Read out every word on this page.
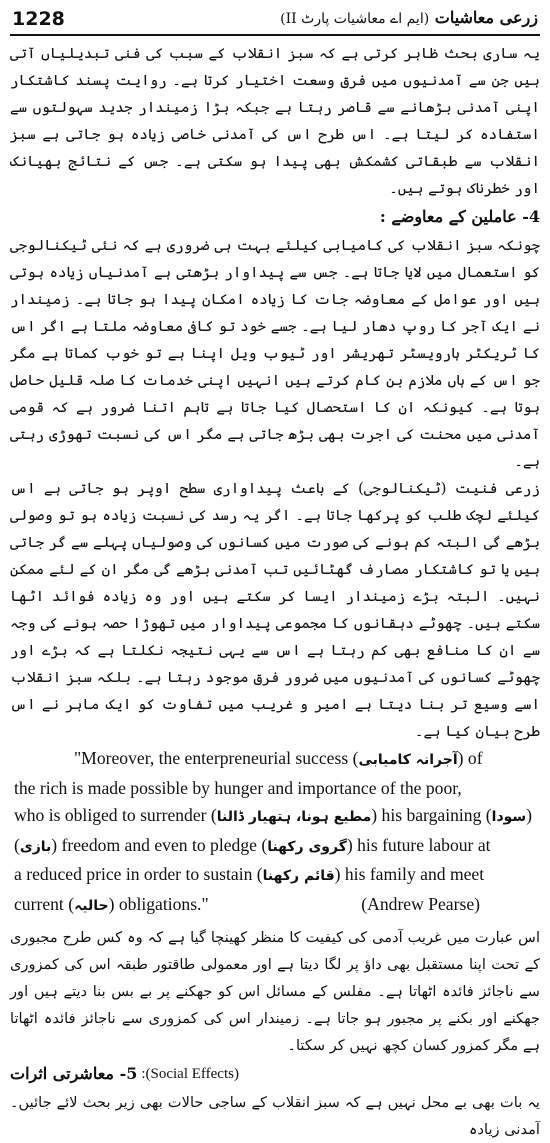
1228	زرعی معاشیات (ایم اے معاشیات پارٹ II)

یہ ساری بحث ظاہر کرتی ہے کہ سبز انقلاب کے سبب کی فنی تبدیلیاں آتی ہیں جن سے آمدنیوں میں فرق وسعت اختیار کرتا ہے۔ روایت پسند کاشتکار اپنی آمدنی بڑھانے سے قاصر رہتا ہے جبکہ بڑا زمیندار جدید سہولتوں سے استفادہ کر لیتا ہے۔ اس طرح اس کی آمدنی خاصی زیادہ ہو جاتی ہے سبز انقلاب سے طبقاتی کشمکش بھی پیدا ہو سکتی ہے۔ جس کے نتائج بھیانک اور خطرناک ہوتے ہیں۔

4- عاملین کے معاوضے :

چونکہ سبز انقلاب کی کامیابی کیلئے بہت ہی ضروری ہے کہ نئی ٹیکنالوجی کو استعمال میں لایا جاتا ہے۔ جس سے پیداوار بڑھتی ہے آمدنیاں زیادہ ہوتی ہیں اور عوامل کے معاوضہ جات کا زیادہ امکان پیدا ہو جاتا ہے۔ زمیندار نے ایک آجر کا روپ دھار لیا ہے۔ جسے خود تو کافی معاوضہ ملتا ہے اگر اس کا ٹریکٹر ہارویسٹر تھریشر اور ٹیوب ویل اپنا ہے تو خوب کماتا ہے مگر جو اس کے ہاں ملازم بن کام کرتے ہیں انہیں اپنی خدمات کا صلہ قلیل حاصل ہوتا ہے۔ کیونکہ ان کا استحصال کیا جاتا ہے تاہم اتنا ضرور ہے کہ قومی آمدنی میں محنت کی اجرت بھی بڑھ جاتی ہے مگر اس کی نسبت تھوڑی رہتی ہے۔

زرعی فنیت (ٹیکنالوجی) کے باعث پیداواری سطح اوپر ہو جاتی ہے اس کیلئے لچک طلب کو پرکھا جاتا ہے۔ اگر یہ رسد کی نسبت زیادہ ہو تو وصولی بڑھے گی البتہ کم ہونے کی صورت میں کسانوں کی وصولیاں پہلے سے گر جاتی ہیں یا تو کاشتکار مصارف گھٹائیں تب آمدنی بڑھے گی مگر ان کے لئے ممکن نہیں۔ البتہ بڑے زمیندار ایسا کر سکتے ہیں اور وہ زیادہ فوائد اٹھا سکتے ہیں۔ چھوٹے دہقانوں کا مجموعی پیداوار میں تھوڑا حصہ ہونے کی وجہ سے ان کا منافع بھی کم رہتا ہے اس سے یہی نتیجہ نکلتا ہے کہ بڑے اور چھوٹے کسانوں کی آمدنیوں میں ضرور فرق موجود رہتا ہے۔ بلکہ سبز انقلاب اسے وسیع تر بنا دیتا ہے امیر و غریب میں تفاوت کو ایک ماہر نے اس طرح بیان کیا ہے۔

"Moreover, the enterpreneurial success (آجرانہ کامیابی) of
the rich is made possible by hunger and importance of the poor,
who is obliged to surrender (مطیع ہونا، ہتھیار ڈالنا) his bargaining (سودا)
(بازی) freedom and even to pledge (گروی رکھنا) his future labour at
a reduced price in order to sustain (قائم رکھنا) his family and meet
current (حالیہ) obligations."	(Andrew Pearse)

اس عبارت میں غریب آدمی کی کیفیت کا منظر کھینچا گیا ہے کہ وہ کس طرح مجبوری کے تحت اپنا مستقبل بھی داؤ پر لگا دیتا ہے اور معمولی طاقتور طبقہ اس کی کمزوری سے ناجائز فائدہ اٹھاتا ہے۔ مفلس کے مسائل اس کو جھکنے پر بے بس بنا دیتے ہیں اور جھکنے اور بکنے پر مجبور ہو جاتا ہے۔ زمیندار اس کی کمزوری سے ناجائز فائدہ اٹھاتا ہے مگر کمزور کسان کچھ نہیں کر سکتا۔

(Social Effects):
5- معاشرتی اثرات

یہ بات بھی بے محل نہیں ہے کہ سبز انقلاب کے ساجی حالات بھی زیر بحث لائے جائیں۔ آمدنی زیادہ
